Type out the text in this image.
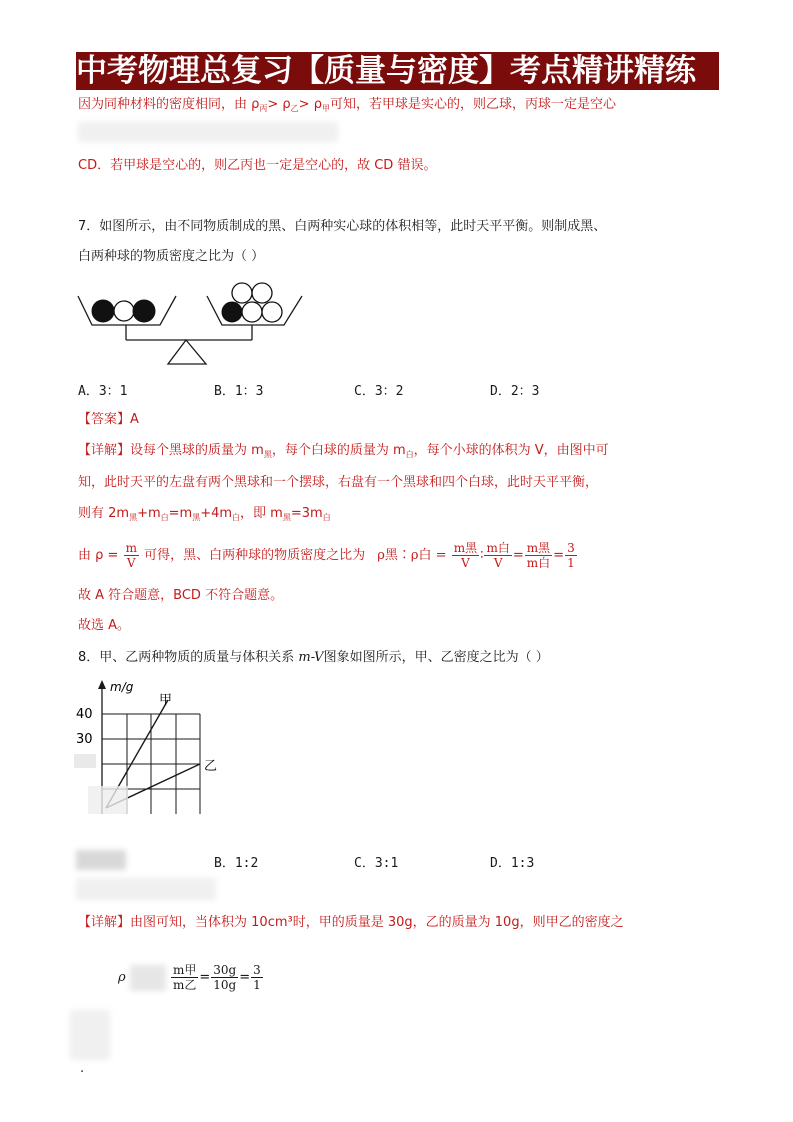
中考物理总复习【质量与密度】考点精讲精练
因为同种材料的密度相同，由 $\rho_丙> \rho_乙> \rho_甲$可知，若甲球是实心的，则乙球，丙球一定是空心
CD．若甲球是空心的，则乙丙也一定是空心的，故 CD 错误。
7．如图所示，由不同物质制成的黑、白两种实心球的体积相等，此时天平平衡。则制成黑、
白两种球的物质密度之比为（ ）
A．3：1	B．1：3	C．3：2	D．2：3
【答案】A
【详解】设每个黑球的质量为 $m_黑$，每个白球的质量为 $m_白$，每个小球的体积为 V，由图中可
知，此时天平的左盘有两个黑球和一个摆球，右盘有一个黑球和四个白球，此时天平平衡，
则有 $2m_黑+m_白=m_黑+4m_白$，即 $m_黑=3m_白$
由 $\rho = \frac{m}{V}$ 可得，黑、白两种球的物质密度之比为 ρ黑∶ρ白 = $\frac{\text{m黑}}{V}$ ∶ $\frac{\text{m白}}{V} = \frac{\text{m黑}}{\text{m白}} = \frac{3}{1}$
故 A 符合题意，BCD 不符合题意。
故选 A。
8．甲、乙两种物质的质量与体积关系 m-V图象如图所示，甲、乙密度之比为（ ）
m/g
40
30
甲
乙
B．1:2	C．3:1	D．1:3
【详解】由图可知，当体积为 10cm³时，甲的质量是 30g，乙的质量为 10g，则甲乙的密度之
ρ	$\frac{\text{m甲}}{\text{m乙}} = \frac{30g}{10g} = \frac{3}{1}$
.
